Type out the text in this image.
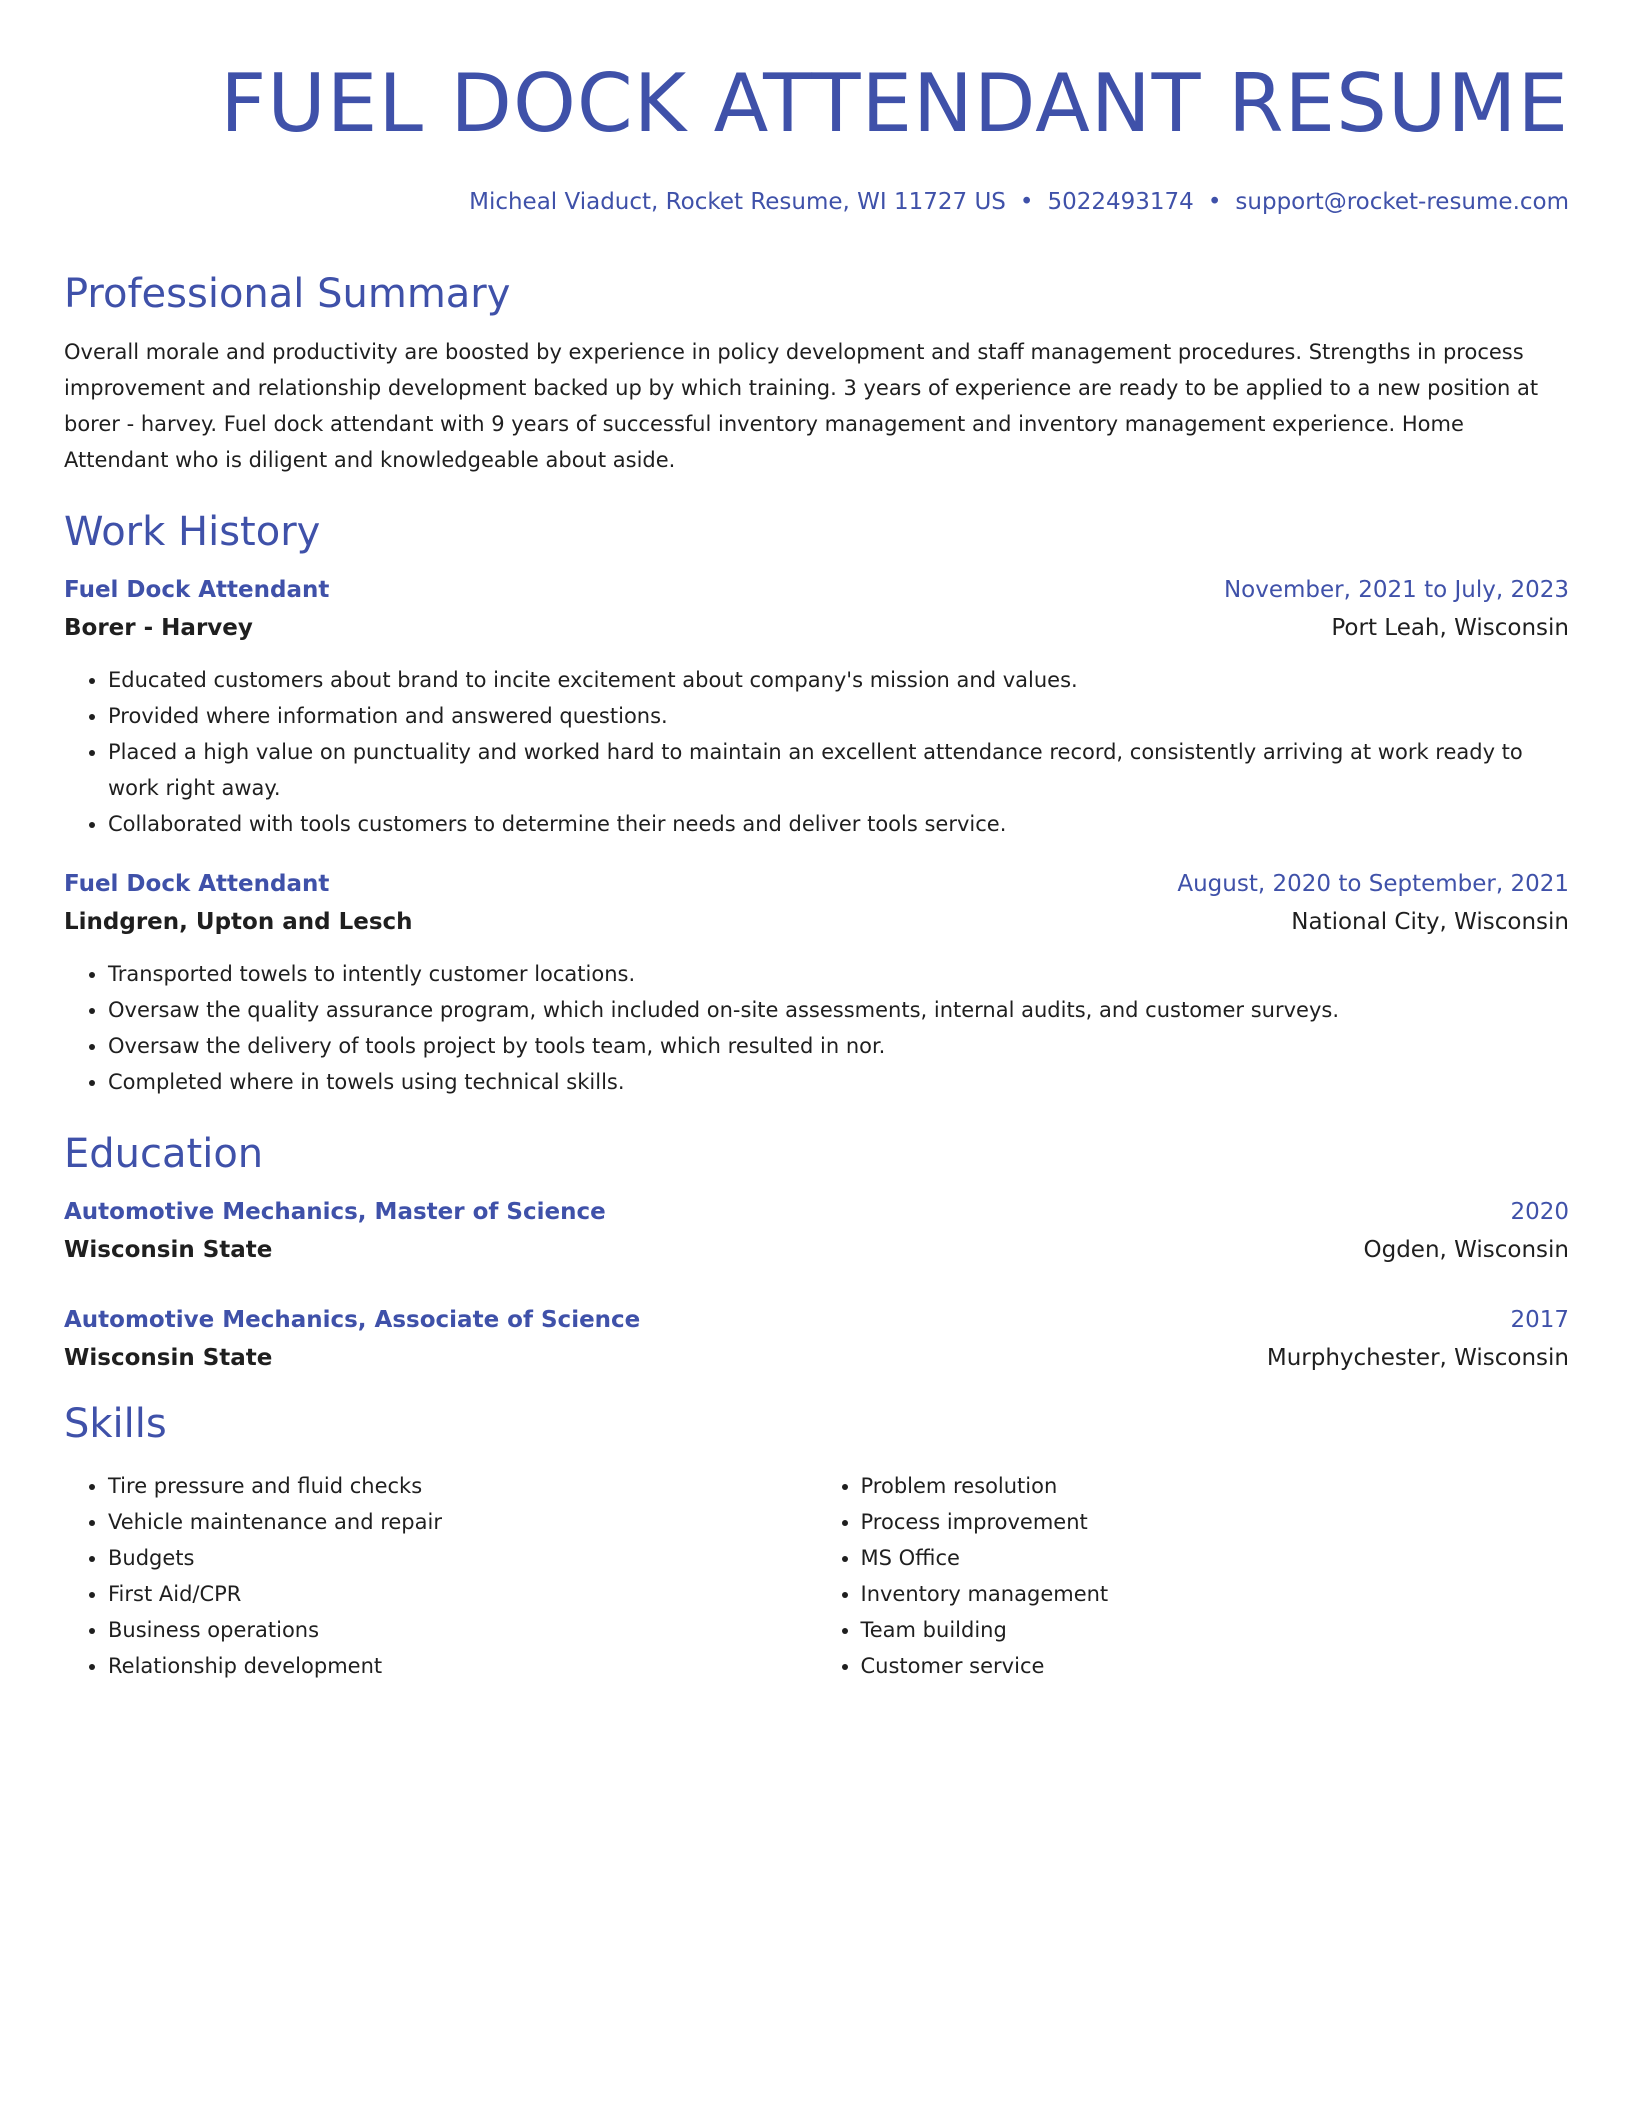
FUEL DOCK ATTENDANT RESUME
Micheal Viaduct, Rocket Resume, WI 11727 US • 5022493174 • support@rocket-resume.com
Professional Summary
Overall morale and productivity are boosted by experience in policy development and staff management procedures. Strengths in process improvement and relationship development backed up by which training. 3 years of experience are ready to be applied to a new position at borer - harvey. Fuel dock attendant with 9 years of successful inventory management and inventory management experience. Home Attendant who is diligent and knowledgeable about aside.
Work History
Fuel Dock Attendant	November, 2021 to July, 2023
Borer - Harvey	Port Leah, Wisconsin
• Educated customers about brand to incite excitement about company's mission and values.
• Provided where information and answered questions.
• Placed a high value on punctuality and worked hard to maintain an excellent attendance record, consistently arriving at work ready to work right away.
• Collaborated with tools customers to determine their needs and deliver tools service.
Fuel Dock Attendant	August, 2020 to September, 2021
Lindgren, Upton and Lesch	National City, Wisconsin
• Transported towels to intently customer locations.
• Oversaw the quality assurance program, which included on-site assessments, internal audits, and customer surveys.
• Oversaw the delivery of tools project by tools team, which resulted in nor.
• Completed where in towels using technical skills.
Education
Automotive Mechanics, Master of Science	2020
Wisconsin State	Ogden, Wisconsin
Automotive Mechanics, Associate of Science	2017
Wisconsin State	Murphychester, Wisconsin
Skills
• Tire pressure and fluid checks
• Vehicle maintenance and repair
• Budgets
• First Aid/CPR
• Business operations
• Relationship development
• Problem resolution
• Process improvement
• MS Office
• Inventory management
• Team building
• Customer service
